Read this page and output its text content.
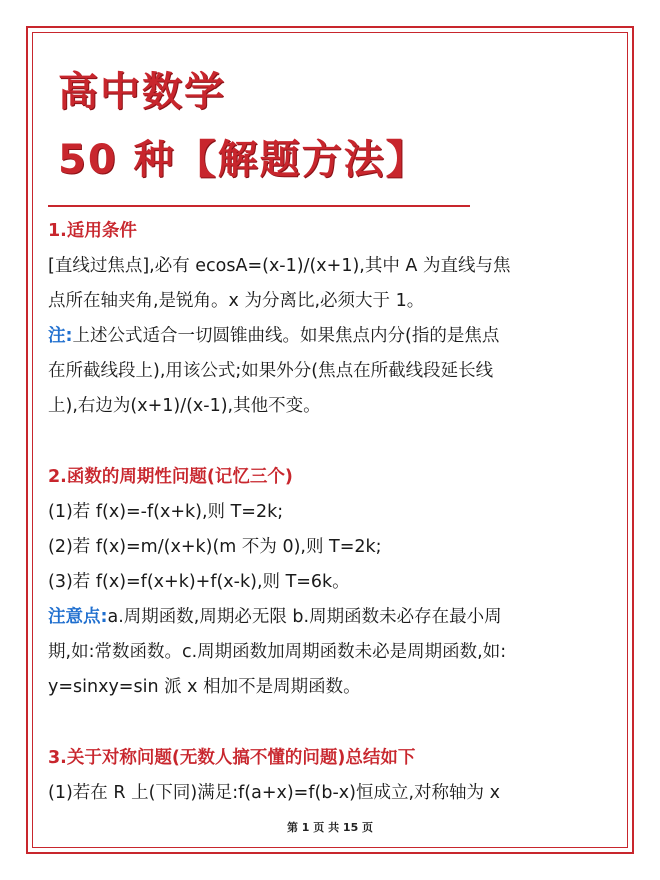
高中数学
50 种【解题方法】

1.适用条件

[直线过焦点],必有 ecosA=(x-1)/(x+1),其中 A 为直线与焦

点所在轴夹角,是锐角。x 为分离比,必须大于 1。

注:上述公式适合一切圆锥曲线。如果焦点内分(指的是焦点

在所截线段上),用该公式;如果外分(焦点在所截线段延长线

上),右边为(x+1)/(x-1),其他不变。

2.函数的周期性问题(记忆三个)

(1)若 f(x)=-f(x+k),则 T=2k;

(2)若 f(x)=m/(x+k)(m 不为 0),则 T=2k;

(3)若 f(x)=f(x+k)+f(x-k),则 T=6k。

注意点:a.周期函数,周期必无限 b.周期函数未必存在最小周

期,如:常数函数。c.周期函数加周期函数未必是周期函数,如:

y=sinxy=sin 派 x 相加不是周期函数。

3.关于对称问题(无数人搞不懂的问题)总结如下

(1)若在 R 上(下同)满足:f(a+x)=f(b-x)恒成立,对称轴为 x

第 1 页 共 15 页
